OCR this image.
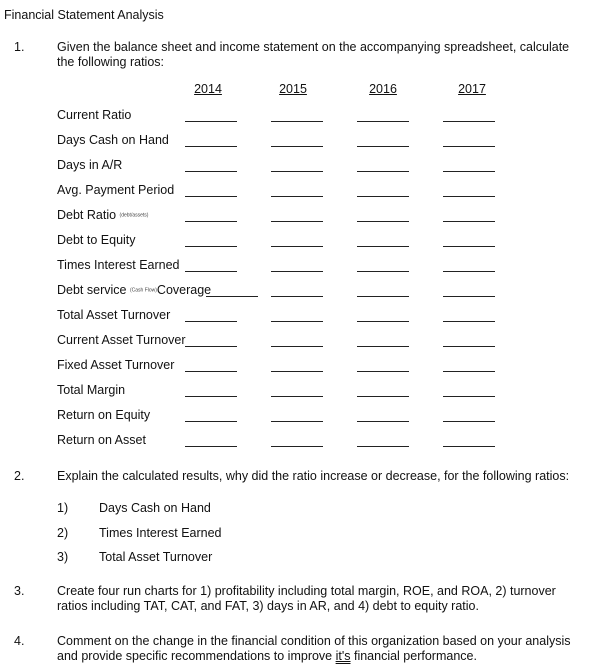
Financial Statement Analysis
1.	Given the balance sheet and income statement on the accompanying spreadsheet, calculate the following ratios:
2014	2015	2016	2017
Current Ratio
Days Cash on Hand
Days in A/R
Avg. Payment Period
Debt Ratio (debt/assets)
Debt to Equity
Times Interest Earned
Debt service (Cash Flow)Coverage
Total Asset Turnover
Current Asset Turnover
Fixed Asset Turnover
Total Margin
Return on Equity
Return on Asset
2.	Explain the calculated results, why did the ratio increase or decrease, for the following ratios:
1) Days Cash on Hand
2) Times Interest Earned
3) Total Asset Turnover
3.	Create four run charts for 1) profitability including total margin, ROE, and ROA, 2) turnover ratios including TAT, CAT, and FAT, 3) days in AR, and 4) debt to equity ratio.
4.	Comment on the change in the financial condition of this organization based on your analysis and provide specific recommendations to improve it's financial performance.
